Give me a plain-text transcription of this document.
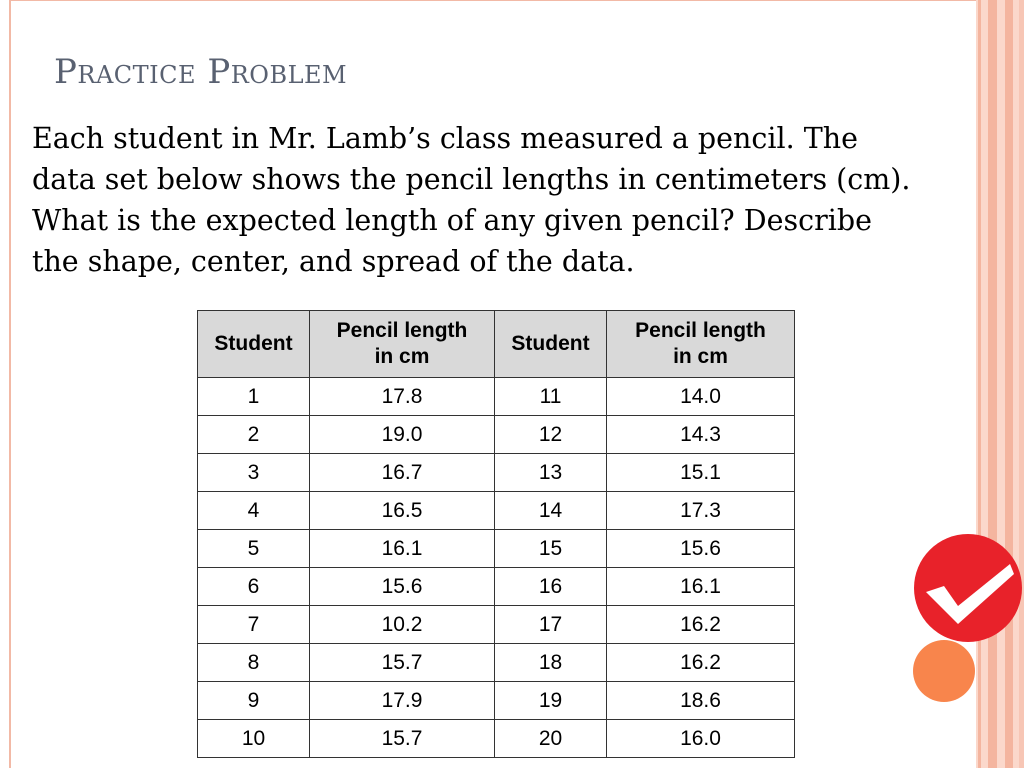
Practice Problem

Each student in Mr. Lamb’s class measured a pencil. The data set below shows the pencil lengths in centimeters (cm). What is the expected length of any given pencil? Describe the shape, center, and spread of the data.

Student	Pencil length in cm	Student	Pencil length in cm
1	17.8	11	14.0
2	19.0	12	14.3
3	16.7	13	15.1
4	16.5	14	17.3
5	16.1	15	15.6
6	15.6	16	16.1
7	10.2	17	16.2
8	15.7	18	16.2
9	17.9	19	18.6
10	15.7	20	16.0
